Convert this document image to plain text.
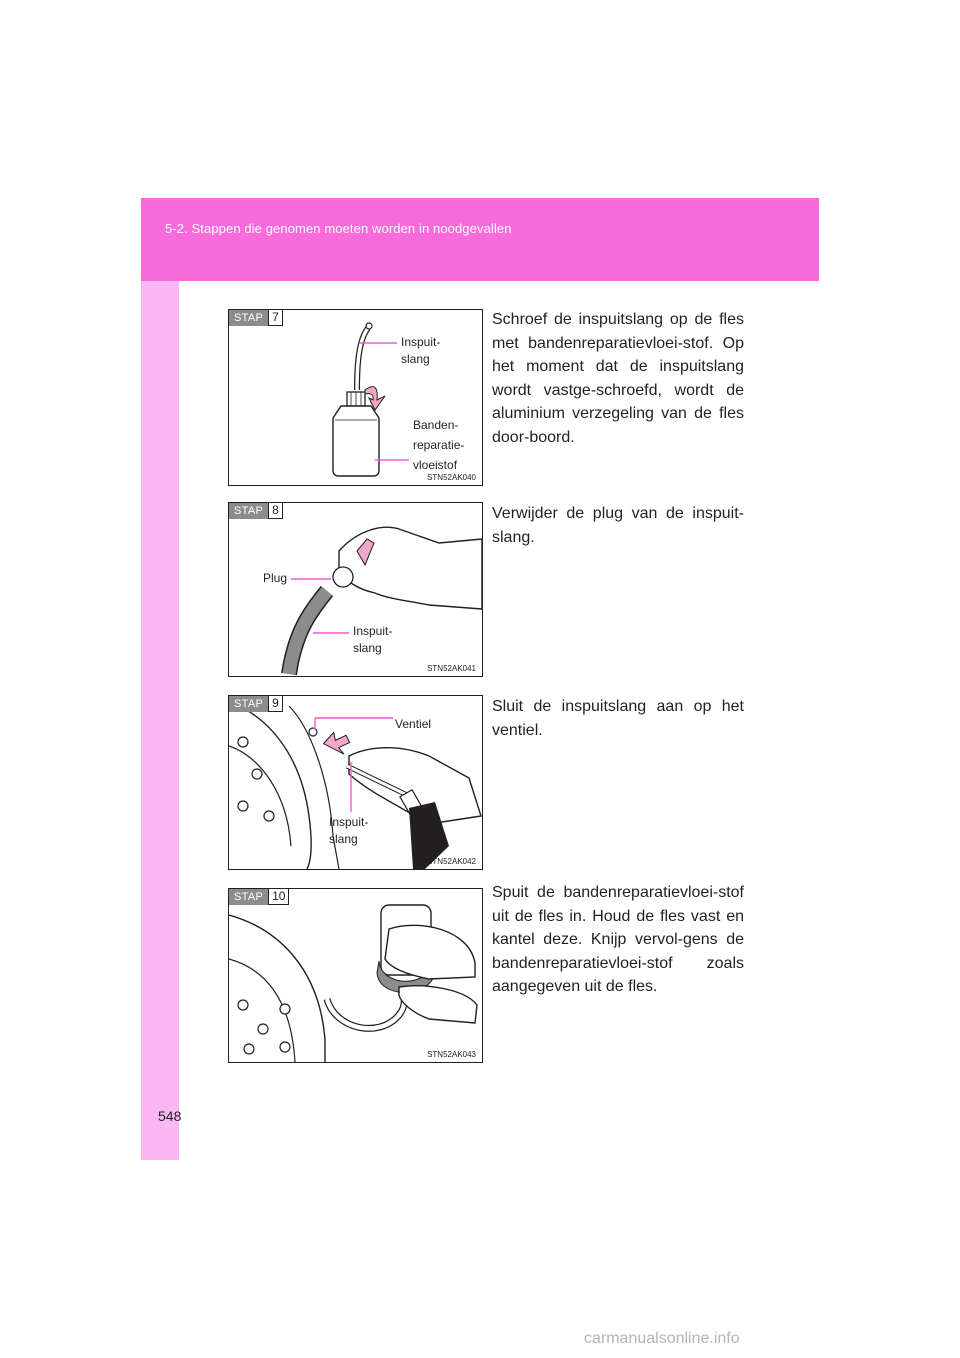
5-2. Stappen die genomen moeten worden in noodgevallen
STAP 7
Inspuit-
slang
Banden-
reparatie-
vloeistof
STN52AK040
Schroef de inspuitslang op de fles met bandenreparatievloei-stof. Op het moment dat de inspuitslang wordt vastge-schroefd, wordt de aluminium verzegeling van de fles door-boord.
STAP 8
Plug
Inspuit-
slang
STN52AK041
Verwijder de plug van de inspuit-slang.
STAP 9
Ventiel
Inspuit-
slang
STN52AK042
Sluit de inspuitslang aan op het ventiel.
STAP 10
STN52AK043
Spuit de bandenreparatievloei-stof uit de fles in. Houd de fles vast en kantel deze. Knijp vervol-gens de bandenreparatievloei-stof zoals aangegeven uit de fles.
548
carmanualsonline.info
